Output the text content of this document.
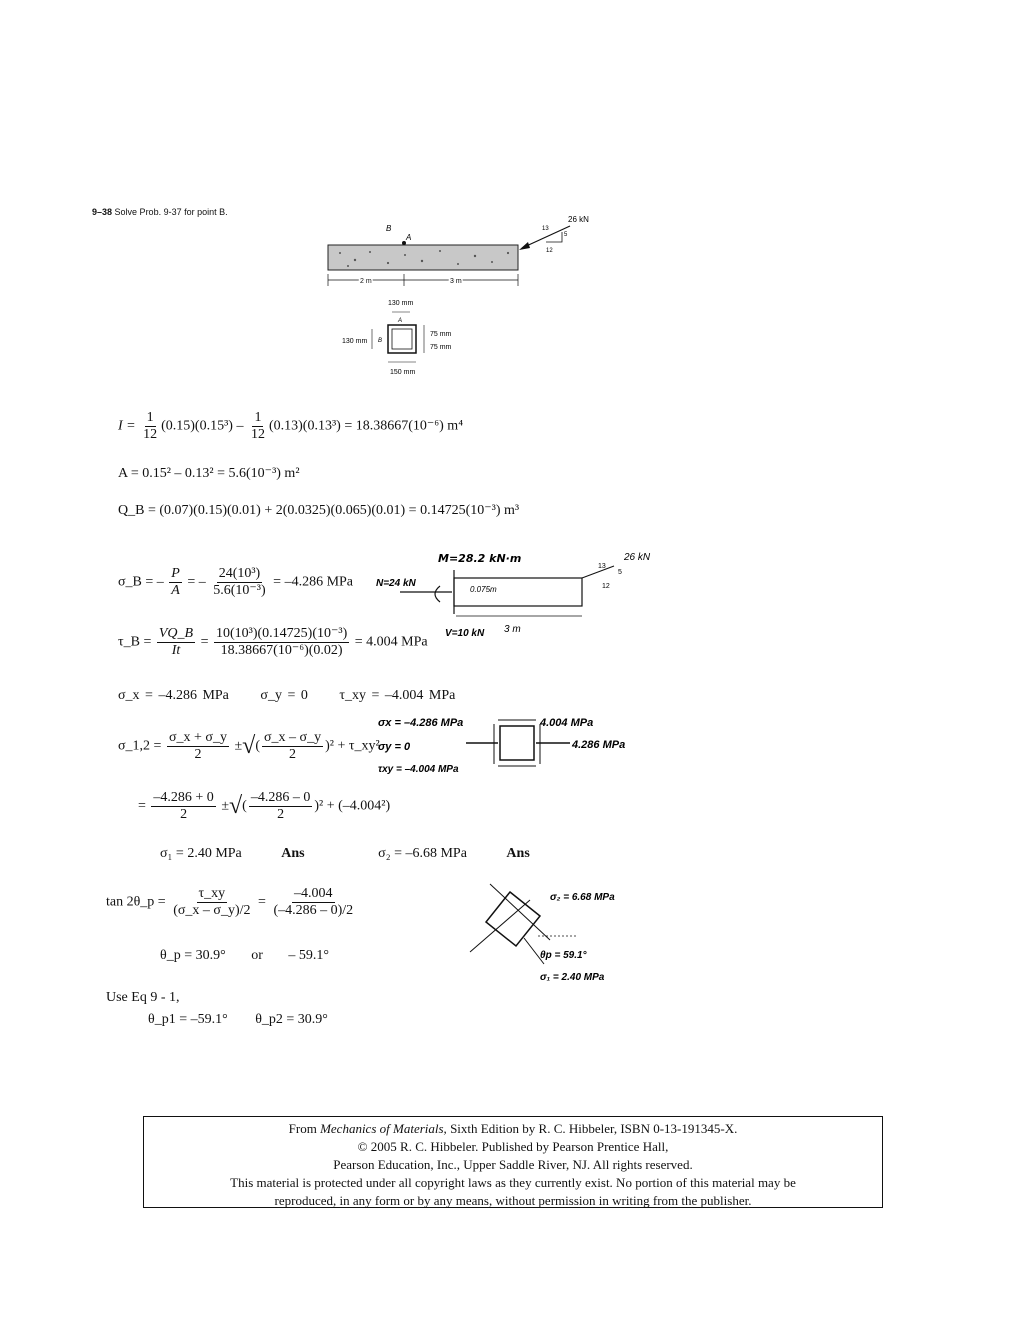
9–38 Solve Prob. 9-37 for point B.
B
A
26 kN
13
5
12
2 m	3 m
130 mm
A
B
130 mm
75 mm
75 mm
150 mm
$I = \frac{1}{12} (0.15)(0.15^3) - \frac{1}{12} (0.13)(0.13^3) = 18.38667(10^{-6})$ m⁴
A = 0.15² – 0.13² = 5.6(10⁻³) m²
Q_B = (0.07)(0.15)(0.01) + 2(0.0325)(0.065)(0.01) = 0.14725(10⁻³) m³
σ_B = – $\frac{P}{A}$ = – $\frac{\text{24(10³)}}{\text{5.6(10⁻³)}} = -4.286$ MPa
τ_B = $\frac{VQ\_B}{It} = \frac{\text{10(10³)(0.14725)(10⁻³)}}{\text{18.38667(10⁻⁶)(0.02)}} = 4.004$ MPa
M=28.2 kN·m
N=24 kN
0.075m
V=10 kN 3 m
26 kN
13
5
12
σ_x = –4.286 MPa σ_y = 0 τ_xy = –4.004 MPa
σ_1,2 = $\frac{\sigma\_x + \sigma\_y}{2}$ ±√( $\frac{\sigma\_x - \sigma\_y}{2} )^2$ + τ_xy²
= $\frac{-4.286 + 0}{2}$ ±√( $\frac{-4.286 - 0}{2} )^2 + (-4.004^2)$
σx = –4.286 MPa
σy = 0
τxy = –4.004 MPa
4.004 MPa
4.286 MPa
σ₁ = 2.40 MPa	Ans	σ₂ = –6.68 MPa	Ans
tan 2θ_p = $\frac{\tau\_xy}{(\sigma\_x - \sigma\_y)/2} = \frac{-4.004}{(-4.286 - 0)/2}$
θ_p = 30.9° or – 59.1°
σ₂ = 6.68 MPa
θp = 59.1°
σ₁ = 2.40 MPa
Use Eq 9 - 1,
θ_p1 = –59.1° θ_p2 = 30.9°
From Mechanics of Materials, Sixth Edition by R. C. Hibbeler, ISBN 0-13-191345-X.
© 2005 R. C. Hibbeler. Published by Pearson Prentice Hall,
Pearson Education, Inc., Upper Saddle River, NJ. All rights reserved.
This material is protected under all copyright laws as they currently exist. No portion of this material may be
reproduced, in any form or by any means, without permission in writing from the publisher.
